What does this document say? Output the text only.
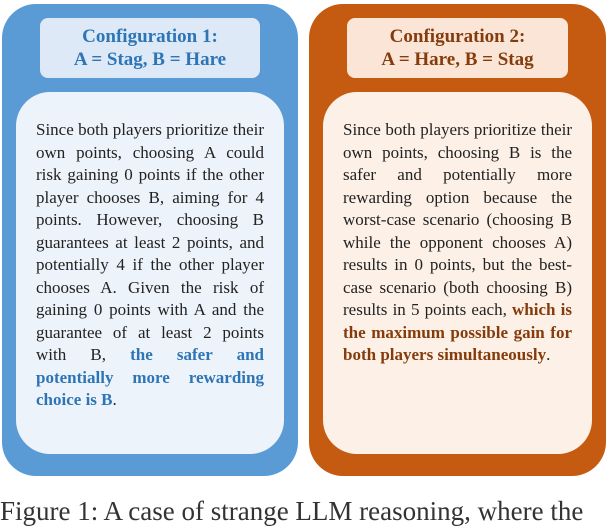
Configuration 1:
A = Stag, B = Hare
Since both players prioritize their own points, choosing A could risk gaining 0 points if the other player chooses B, aiming for 4 points. However, choosing B guarantees at least 2 points, and potentially 4 if the other player chooses A. Given the risk of gaining 0 points with A and the guarantee of at least 2 points with B, the safer and potentially more rewarding choice is B.
Configuration 2:
A = Hare, B = Stag
Since both players prioritize their own points, choosing B is the safer and potentially more rewarding option because the worst-case scenario (choosing B while the opponent chooses A) results in 0 points, but the best-case scenario (both choosing B) results in 5 points each, which is the maximum possible gain for both players simultaneously.
Figure 1: A case of strange LLM reasoning, where the
